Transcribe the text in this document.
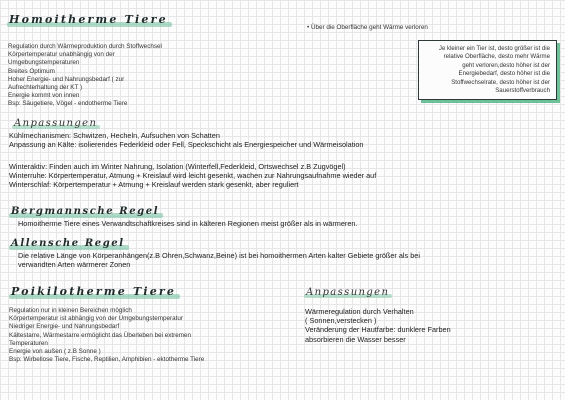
Homoitherme Tiere
• Über die Oberfläche geht Wärme verloren
Regulation durch Wärmeproduktion durch Stoffwechsel
Körpertemperatur unabhängig von der
Umgebungstemperaturen
Breites Optimum
Hoher Energie- und Nahrungsbedarf ( zur
Aufrechterhaltung der KT )
Energie kommt von innen
Bsp: Säugetiere, Vögel - endotherme Tiere
Je kleiner ein Tier ist, desto größer ist die
relative Oberfläche, desto mehr Wärme
geht verloren,desto höher ist der
Energiebedarf, desto höher ist die
Stoffwechselrate, desto höher ist der
Sauerstoffverbrauch
Anpassungen
Kühlmechanismen: Schwitzen, Hecheln, Aufsuchen von Schatten
Anpassung an Kälte: isolierendes Federkleid oder Fell, Speckschicht als Energiespeicher und Wärmeisolation
Winteraktiv: Finden auch im Winter Nahrung, Isolation (Winterfell,Federkleid, Ortswechsel z.B Zugvögel)
Winterruhe: Körpertemperatur, Atmung + Kreislauf wird leicht gesenkt, wachen zur Nahrungsaufnahme wieder auf
Winterschlaf: Körpertemperatur + Atmung + Kreislauf werden stark gesenkt, aber reguliert
Bergmannsche Regel
Homoitherme Tiere eines Verwandtschaftkreises sind in kälteren Regionen meist größer als in wärmeren.
Allensche Regel
Die relative Länge von Körperanhängen(z.B Ohren,Schwanz,Beine) ist bei homoithermen Arten kalter Gebiete größer als bei
verwandten Arten wärmerer Zonen
Poikilotherme Tiere
Regulation nur in kleinen Bereichen möglich
Körpertemperatur ist abhängig von der Umgebungstemperatur
Niedriger Energie- und Nahrungsbedarf
Kältestarre, Wärmestarre ermöglicht das Überleben bei extremen
Temperaturen
Energie von außen ( z.B Sonne )
Bsp: Wirbellose Tiere, Fische, Reptilien, Amphibien - ektotherme Tiere
Anpassungen
Wärmeregulation durch Verhalten
( Sonnen,verstecken )
Veränderung der Hautfarbe: dunklere Farben
absorbieren die Wasser besser
